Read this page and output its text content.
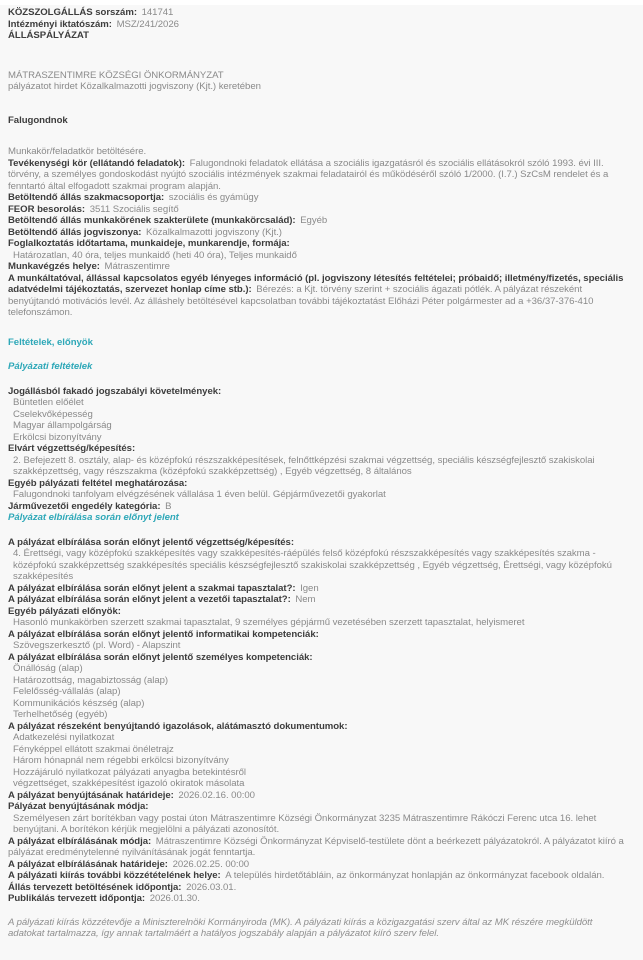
KÖZSZOLGÁLLÁS sorszám: 141741

Intézményi iktatószám: MSZ/241/2026

ÁLLÁSPÁLYÁZAT

MÁTRASZENTIMRE KÖZSÉGI ÖNKORMÁNYZAT

pályázatot hirdet Közalkalmazotti jogviszony (Kjt.) keretében

Falugondnok

Munkakör/feladatkör betöltésére.

Tevékenységi kör (ellátandó feladatok): Falugondnoki feladatok ellátása a szociális igazgatásról és szociális ellátásokról szóló 1993. évi III. törvény, a személyes gondoskodást nyújtó szociális intézmények szakmai feladatairól és működéséről szóló 1/2000. (I.7.) SzCsM rendelet és a fenntartó által elfogadott szakmai program alapján.

Betöltendő állás szakmacsoportja: szociális és gyámügy

FEOR besorolás: 3511 Szociális segítő

Betöltendő állás munkakörének szakterülete (munkakörcsalád): Egyéb

Betöltendő állás jogviszonya: Közalkalmazotti jogviszony (Kjt.)

Foglalkoztatás időtartama, munkaideje, munkarendje, formája:

Határozatlan, 40 óra, teljes munkaidő (heti 40 óra), Teljes munkaidő

Munkavégzés helye: Mátraszentimre

A munkáltatóval, állással kapcsolatos egyéb lényeges információ (pl. jogviszony létesítés feltételei; próbaidő; illetmény/fizetés, speciális adatvédelmi tájékoztatás, szervezet honlap címe stb.): Bérezés: a Kjt. törvény szerint + szociális ágazati pótlék. A pályázat részeként benyújtandó motivációs levél. Az álláshely betöltésével kapcsolatban további tájékoztatást Előházi Péter polgármester ad a +36/37-376-410 telefonszámon.

Feltételek, előnyök

Pályázati feltételek

Jogállásból fakadó jogszabályi követelmények:

Büntetlen előélet

Cselekvőképesség

Magyar állampolgárság

Erkölcsi bizonyítvány

Elvárt végzettség/képesítés:

2. Befejezett 8. osztály, alap- és középfokú részszakképesítések, felnőttképzési szakmai végzettség, speciális készségfejlesztő szakiskolai szakképzettség, vagy részszakma (középfokú szakképzettség) , Egyéb végzettség, 8 általános

Egyéb pályázati feltétel meghatározása:

Falugondnoki tanfolyam elvégzésének vállalása 1 éven belül. Gépjárművezetői gyakorlat

Járművezetői engedély kategória: B

Pályázat elbírálása során előnyt jelent

A pályázat elbírálása során előnyt jelentő végzettség/képesítés:

4. Érettségi, vagy középfokú szakképesítés vagy szakképesítés-ráépülés felső középfokú részszakképesítés vagy szakképesítés szakma - középfokú szakképzettség szakképesítés speciális készségfejlesztő szakiskolai szakképzettség , Egyéb végzettség, Érettségi, vagy középfokú szakképesítés

A pályázat elbírálása során előnyt jelent a szakmai tapasztalat?: Igen

A pályázat elbírálása során előnyt jelent a vezetői tapasztalat?: Nem

Egyéb pályázati előnyök:

Hasonló munkakörben szerzett szakmai tapasztalat, 9 személyes gépjármű vezetésében szerzett tapasztalat, helyismeret

A pályázat elbírálása során előnyt jelentő informatikai kompetenciák:

Szövegszerkesztő (pl. Word) - Alapszint

A pályázat elbírálása során előnyt jelentő személyes kompetenciák:

Önállóság (alap)

Határozottság, magabiztosság (alap)

Felelősség-vállalás (alap)

Kommunikációs készség (alap)

Terhelhetőség (egyéb)

A pályázat részeként benyújtandó igazolások, alátámasztó dokumentumok:

Adatkezelési nyilatkozat

Fényképpel ellátott szakmai önéletrajz

Három hónapnál nem régebbi erkölcsi bizonyítvány

Hozzájáruló nyilatkozat pályázati anyagba betekintésről

végzettséget, szakképesítést igazoló okiratok másolata

A pályázat benyújtásának határideje: 2026.02.16. 00:00

Pályázat benyújtásának módja:

Személyesen zárt borítékban vagy postai úton Mátraszentimre Községi Önkormányzat 3235 Mátraszentimre Rákóczi Ferenc utca 16. lehet benyújtani. A borítékon kérjük megjelölni a pályázati azonosítót.

A pályázat elbírálásának módja: Mátraszentimre Községi Önkormányzat Képviselő-testülete dönt a beérkezett pályázatokról. A pályázatot kiíró a pályázat eredménytelenné nyilvánításának jogát fenntartja.

A pályázat elbírálásának határideje: 2026.02.25. 00:00

A pályázati kiírás további közzétételének helye: A település hirdetőtábláin, az önkormányzat honlapján az önkormányzat facebook oldalán.

Állás tervezett betöltésének időpontja: 2026.03.01.

Publikálás tervezett időpontja: 2026.01.30.

A pályázati kiírás közzétevője a Miniszterelnöki Kormányiroda (MK). A pályázati kiírás a közigazgatási szerv által az MK részére megküldött adatokat tartalmazza, így annak tartalmáért a hatályos jogszabály alapján a pályázatot kiíró szerv felel.
